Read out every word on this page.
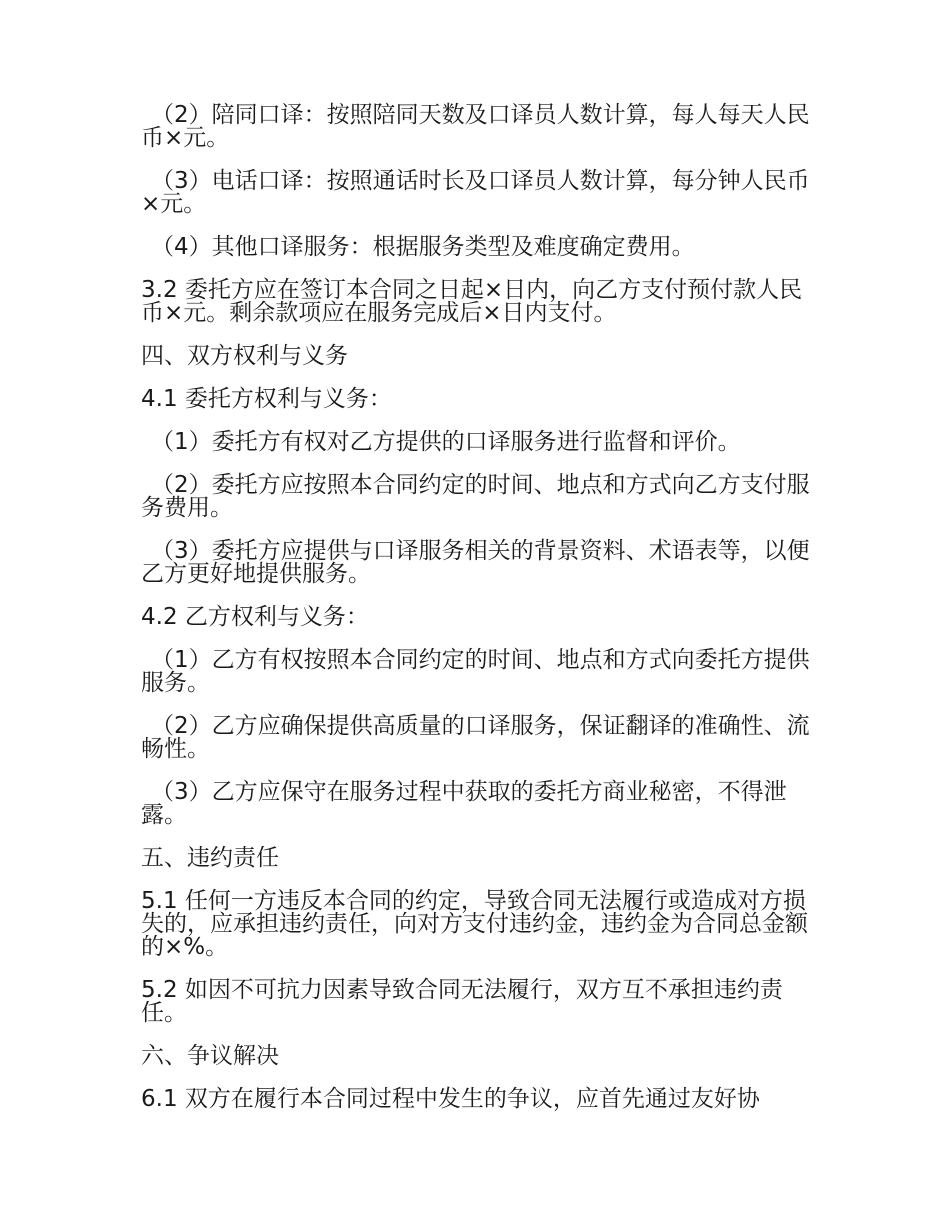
（2）陪同口译：按照陪同天数及口译员人数计算，每人每天人民币×元。

（3）电话口译：按照通话时长及口译员人数计算，每分钟人民币×元。

（4）其他口译服务：根据服务类型及难度确定费用。

3.2 委托方应在签订本合同之日起×日内，向乙方支付预付款人民币×元。剩余款项应在服务完成后×日内支付。

四、双方权利与义务

4.1 委托方权利与义务：

（1）委托方有权对乙方提供的口译服务进行监督和评价。

（2）委托方应按照本合同约定的时间、地点和方式向乙方支付服务费用。

（3）委托方应提供与口译服务相关的背景资料、术语表等，以便乙方更好地提供服务。

4.2 乙方权利与义务：

（1）乙方有权按照本合同约定的时间、地点和方式向委托方提供服务。

（2）乙方应确保提供高质量的口译服务，保证翻译的准确性、流畅性。

（3）乙方应保守在服务过程中获取的委托方商业秘密，不得泄露。

五、违约责任

5.1 任何一方违反本合同的约定，导致合同无法履行或造成对方损失的，应承担违约责任，向对方支付违约金，违约金为合同总金额的×%。

5.2 如因不可抗力因素导致合同无法履行，双方互不承担违约责任。

六、争议解决

6.1 双方在履行本合同过程中发生的争议，应首先通过友好协
